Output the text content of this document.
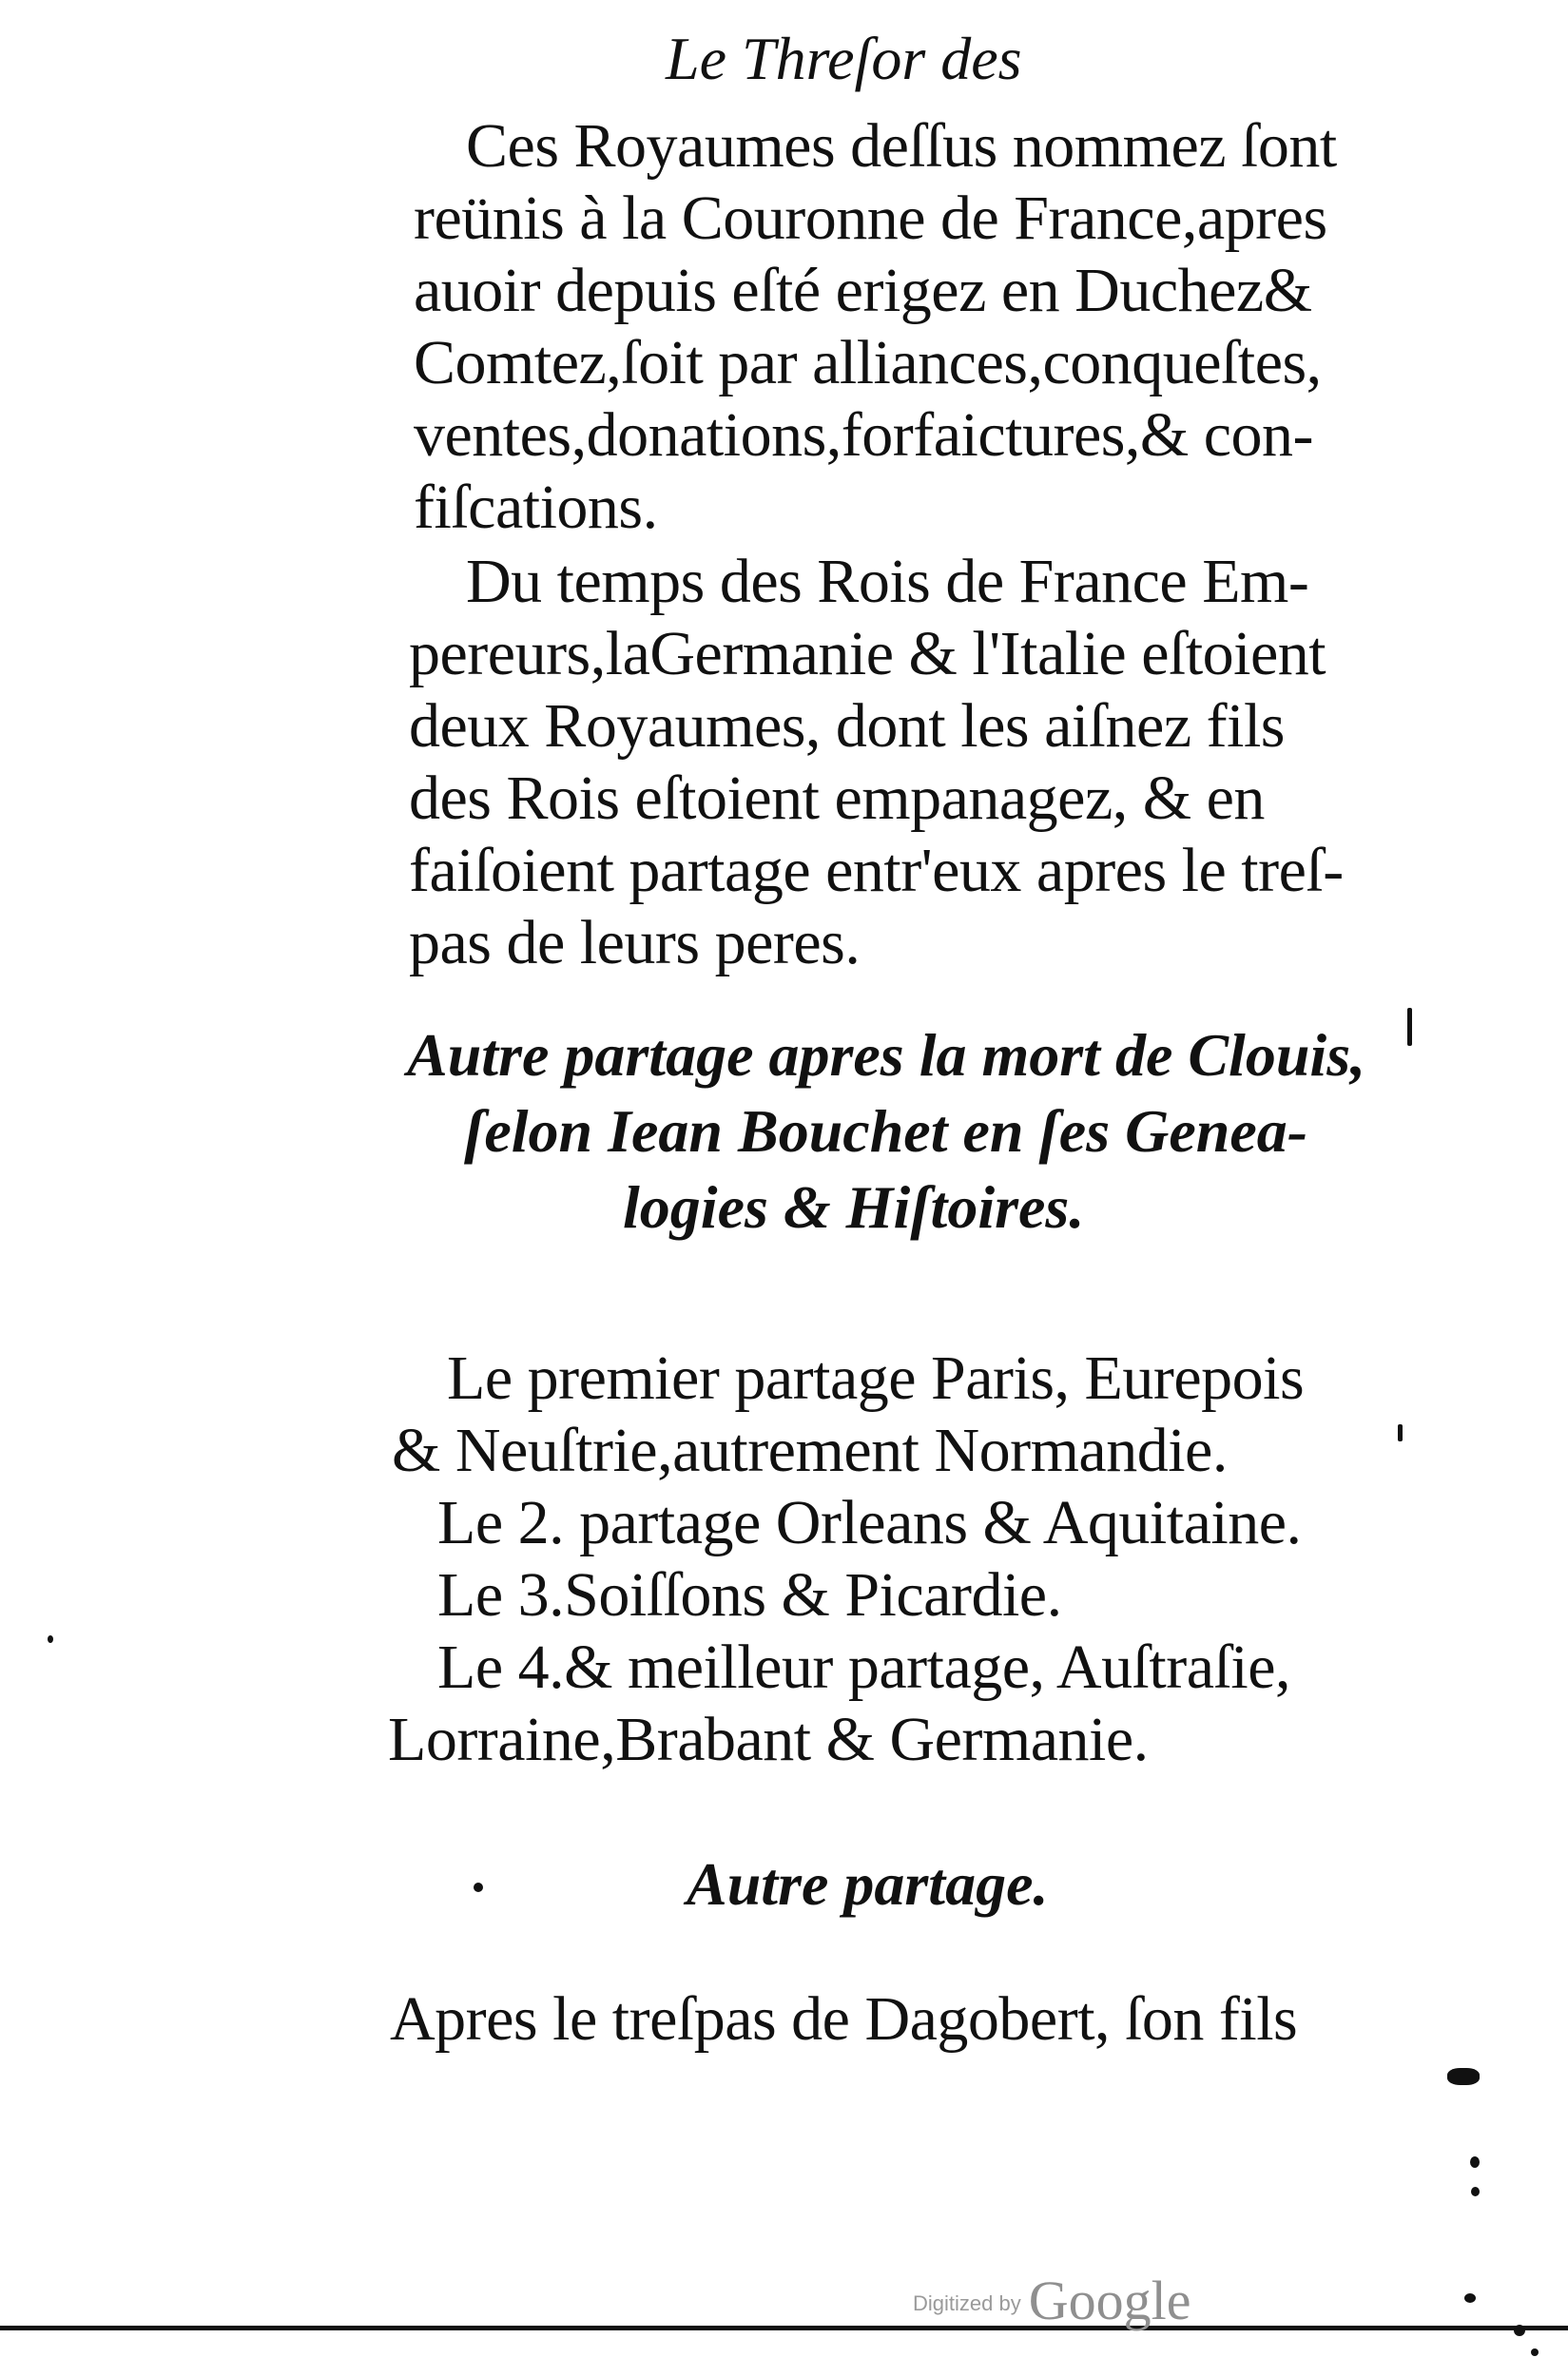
Le Threſor des
Ces Royaumes deſſus nommez ſont
reünis à la Couronne de France,apres
auoir depuis eſté erigez en Duchez&
Comtez,ſoit par alliances,conqueſtes,
ventes,donations,forfaictures,& con-
fiſcations.
Du temps des Rois de France Em-
pereurs,laGermanie & l'Italie eſtoient
deux Royaumes, dont les aiſnez fils
des Rois eſtoient empanagez, & en
faiſoient partage entr'eux apres le treſ-
pas de leurs peres.
Autre partage apres la mort de Clouis,
ſelon Iean Bouchet en ſes Genea-
logies & Hiſtoires.
Le premier partage Paris, Eurepois
& Neuſtrie,autrement Normandie.
Le 2. partage Orleans & Aquitaine.
Le 3.Soiſſons & Picardie.
Le 4.& meilleur partage, Auſtraſie,
Lorraine,Brabant & Germanie.
Autre partage.
Apres le treſpas de Dagobert, ſon fils
Digitized by Google
